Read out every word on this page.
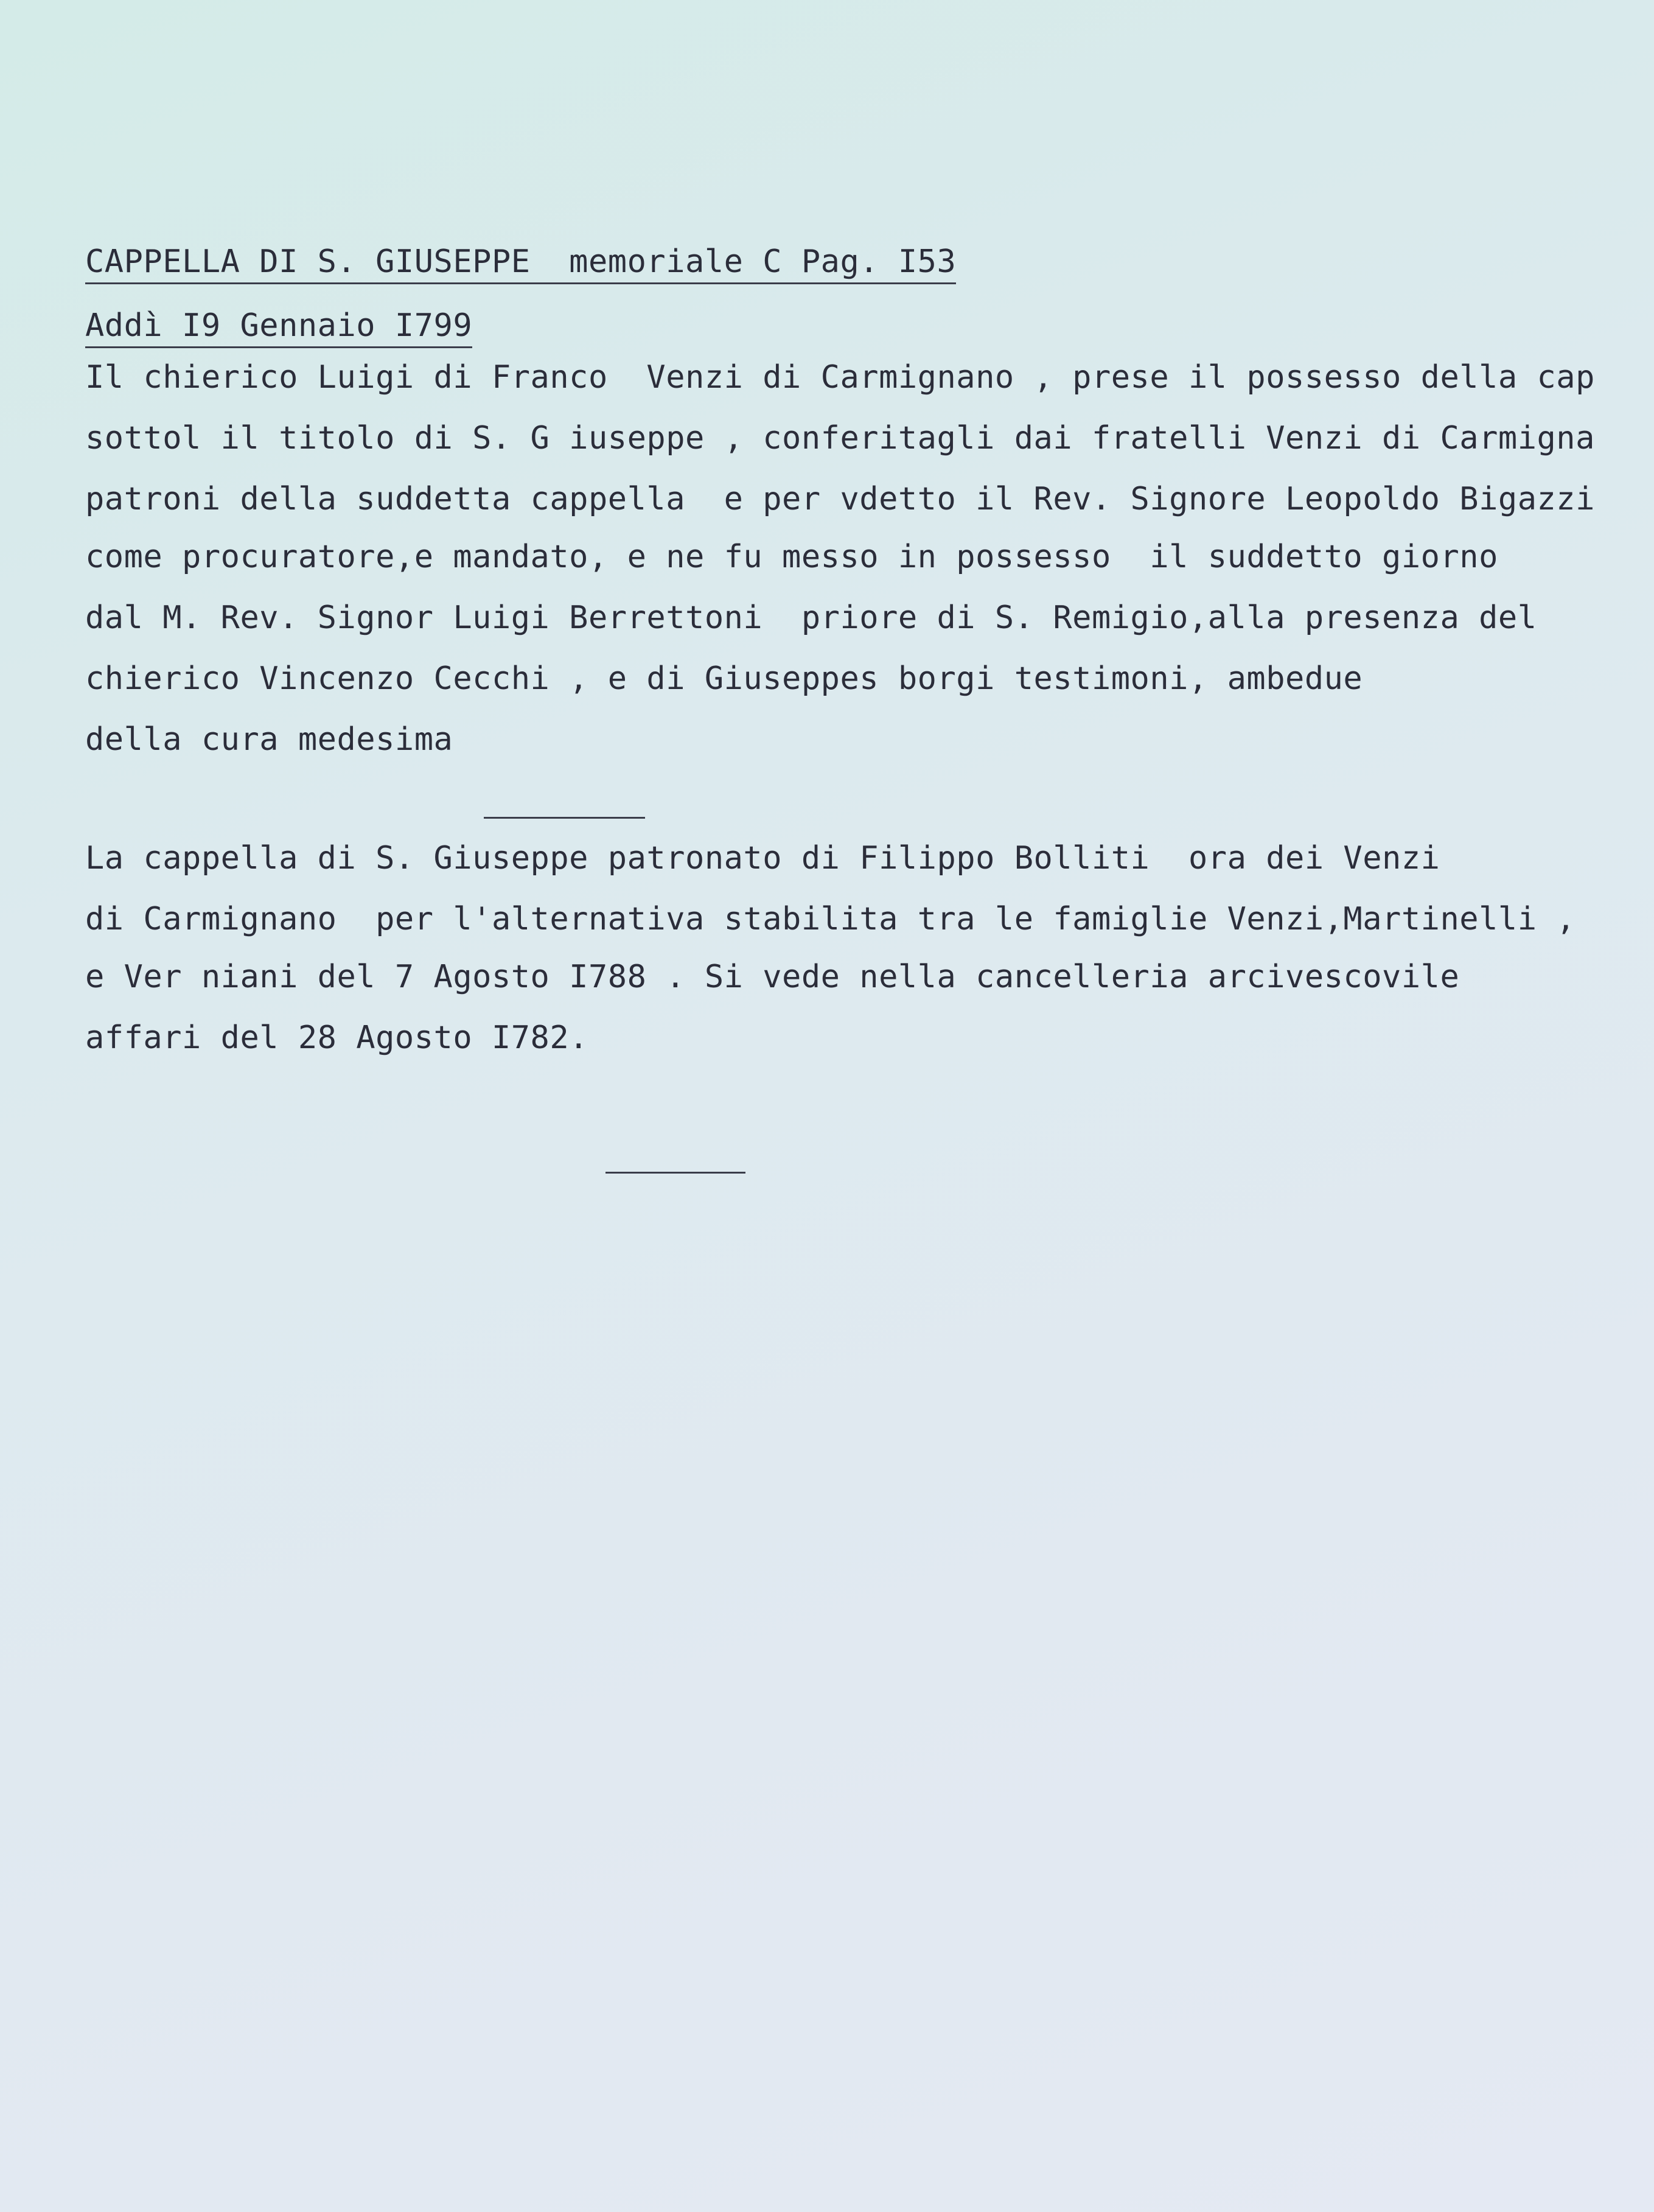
CAPPELLA DI S. GIUSEPPE  memoriale C Pag. I53
Addì I9 Gennaio I799
Il chierico Luigi di Franco  Venzi di Carmignano , prese il possesso della cap
sottol il titolo di S. G iuseppe , conferitagli dai fratelli Venzi di Carmigna
patroni della suddetta cappella  e per vdetto il Rev. Signore Leopoldo Bigazzi
come procuratore,e mandato, e ne fu messo in possesso  il suddetto giorno
dal M. Rev. Signor Luigi Berrettoni  priore di S. Remigio,alla presenza del
chierico Vincenzo Cecchi , e di Giuseppes borgi testimoni, ambedue
della cura medesima
La cappella di S. Giuseppe patronato di Filippo Bolliti  ora dei Venzi
di Carmignano  per l'alternativa stabilita tra le famiglie Venzi,Martinelli ,
e Ver niani del 7 Agosto I788 . Si vede nella cancelleria arcivescovile
affari del 28 Agosto I782.
